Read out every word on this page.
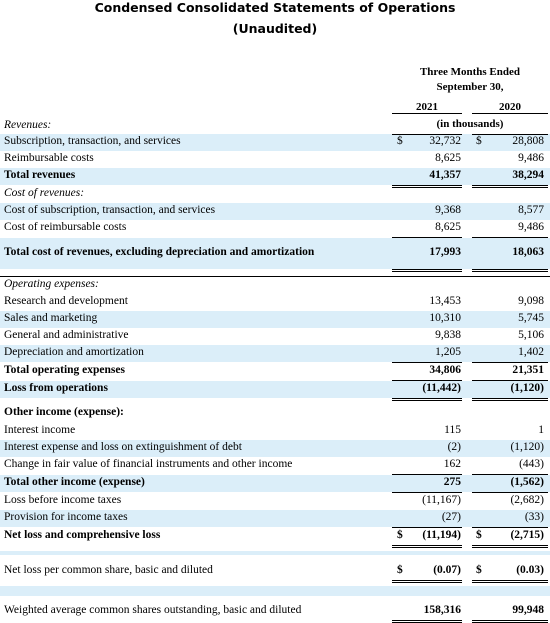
Condensed Consolidated Statements of Operations
(Unaudited)
Three Months Ended
September 30,
2021	2020
(in thousands)
Revenues:
Subscription, transaction, and services	$ 32,732 $	28,808
Reimbursable costs	8,625	9,486
Total revenues	41,357	38,294
Cost of revenues:
Cost of subscription, transaction, and services	9,368	8,577
Cost of reimbursable costs	8,625	9,486
Total cost of revenues, excluding depreciation and amortization	17,993	18,063
Operating expenses:
Research and development	13,453	9,098
Sales and marketing	10,310	5,745
General and administrative	9,838	5,106
Depreciation and amortization	1,205	1,402
Total operating expenses	34,806	21,351
Loss from operations	(11,442)	(1,120)
Other income (expense):
Interest income	115	1
Interest expense and loss on extinguishment of debt	(2)	(1,120)
Change in fair value of financial instruments and other income	162	(443)
Total other income (expense)	275	(1,562)
Loss before income taxes	(11,167)	(2,682)
Provision for income taxes	(27)	(33)
Net loss and comprehensive loss	$ (11,194) $ (2,715)
Net loss per common share, basic and diluted	$	(0.07) $	(0.03)
Weighted average common shares outstanding, basic and diluted	158,316	99,948
